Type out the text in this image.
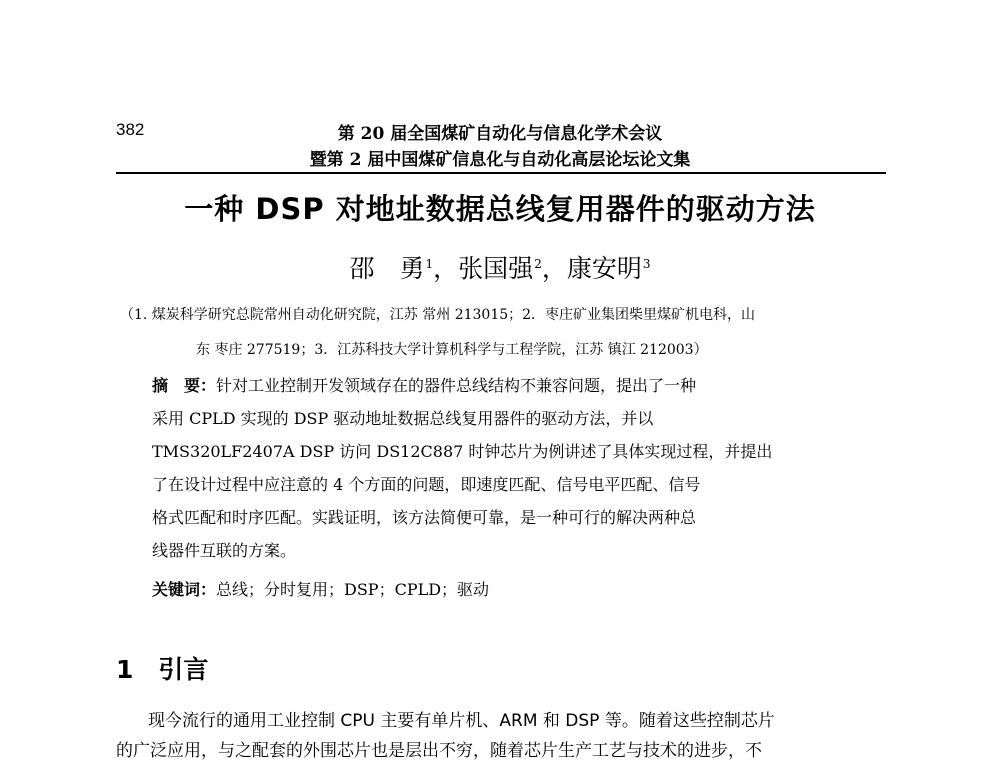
382	第 20 届全国煤矿自动化与信息化学术会议
暨第 2 届中国煤矿信息化与自动化高层论坛论文集
一种 DSP 对地址数据总线复用器件的驱动方法
邵　勇$^1$，张国强$^2$，康安明$^3$
（1. 煤炭科学研究总院常州自动化研究院，江苏 常州 213015；2．枣庄矿业集团柴里煤矿机电科，山
东 枣庄 277519；3．江苏科技大学计算机科学与工程学院，江苏 镇江 212003）
摘　要：针对工业控制开发领域存在的器件总线结构不兼容问题，提出了一种
采用 CPLD 实现的 DSP 驱动地址数据总线复用器件的驱动方法，并以
TMS320LF2407A DSP 访问 DS12C887 时钟芯片为例讲述了具体实现过程，并提出
了在设计过程中应注意的 4 个方面的问题，即速度匹配、信号电平匹配、信号
格式匹配和时序匹配。实践证明，该方法简便可靠，是一种可行的解决两种总
线器件互联的方案。
关键词：总线；分时复用；DSP；CPLD；驱动
1　引言
现今流行的通用工业控制 CPU 主要有单片机、ARM 和 DSP 等。随着这些控制芯片
的广泛应用，与之配套的外围芯片也是层出不穷，随着芯片生产工艺与技术的进步，不
